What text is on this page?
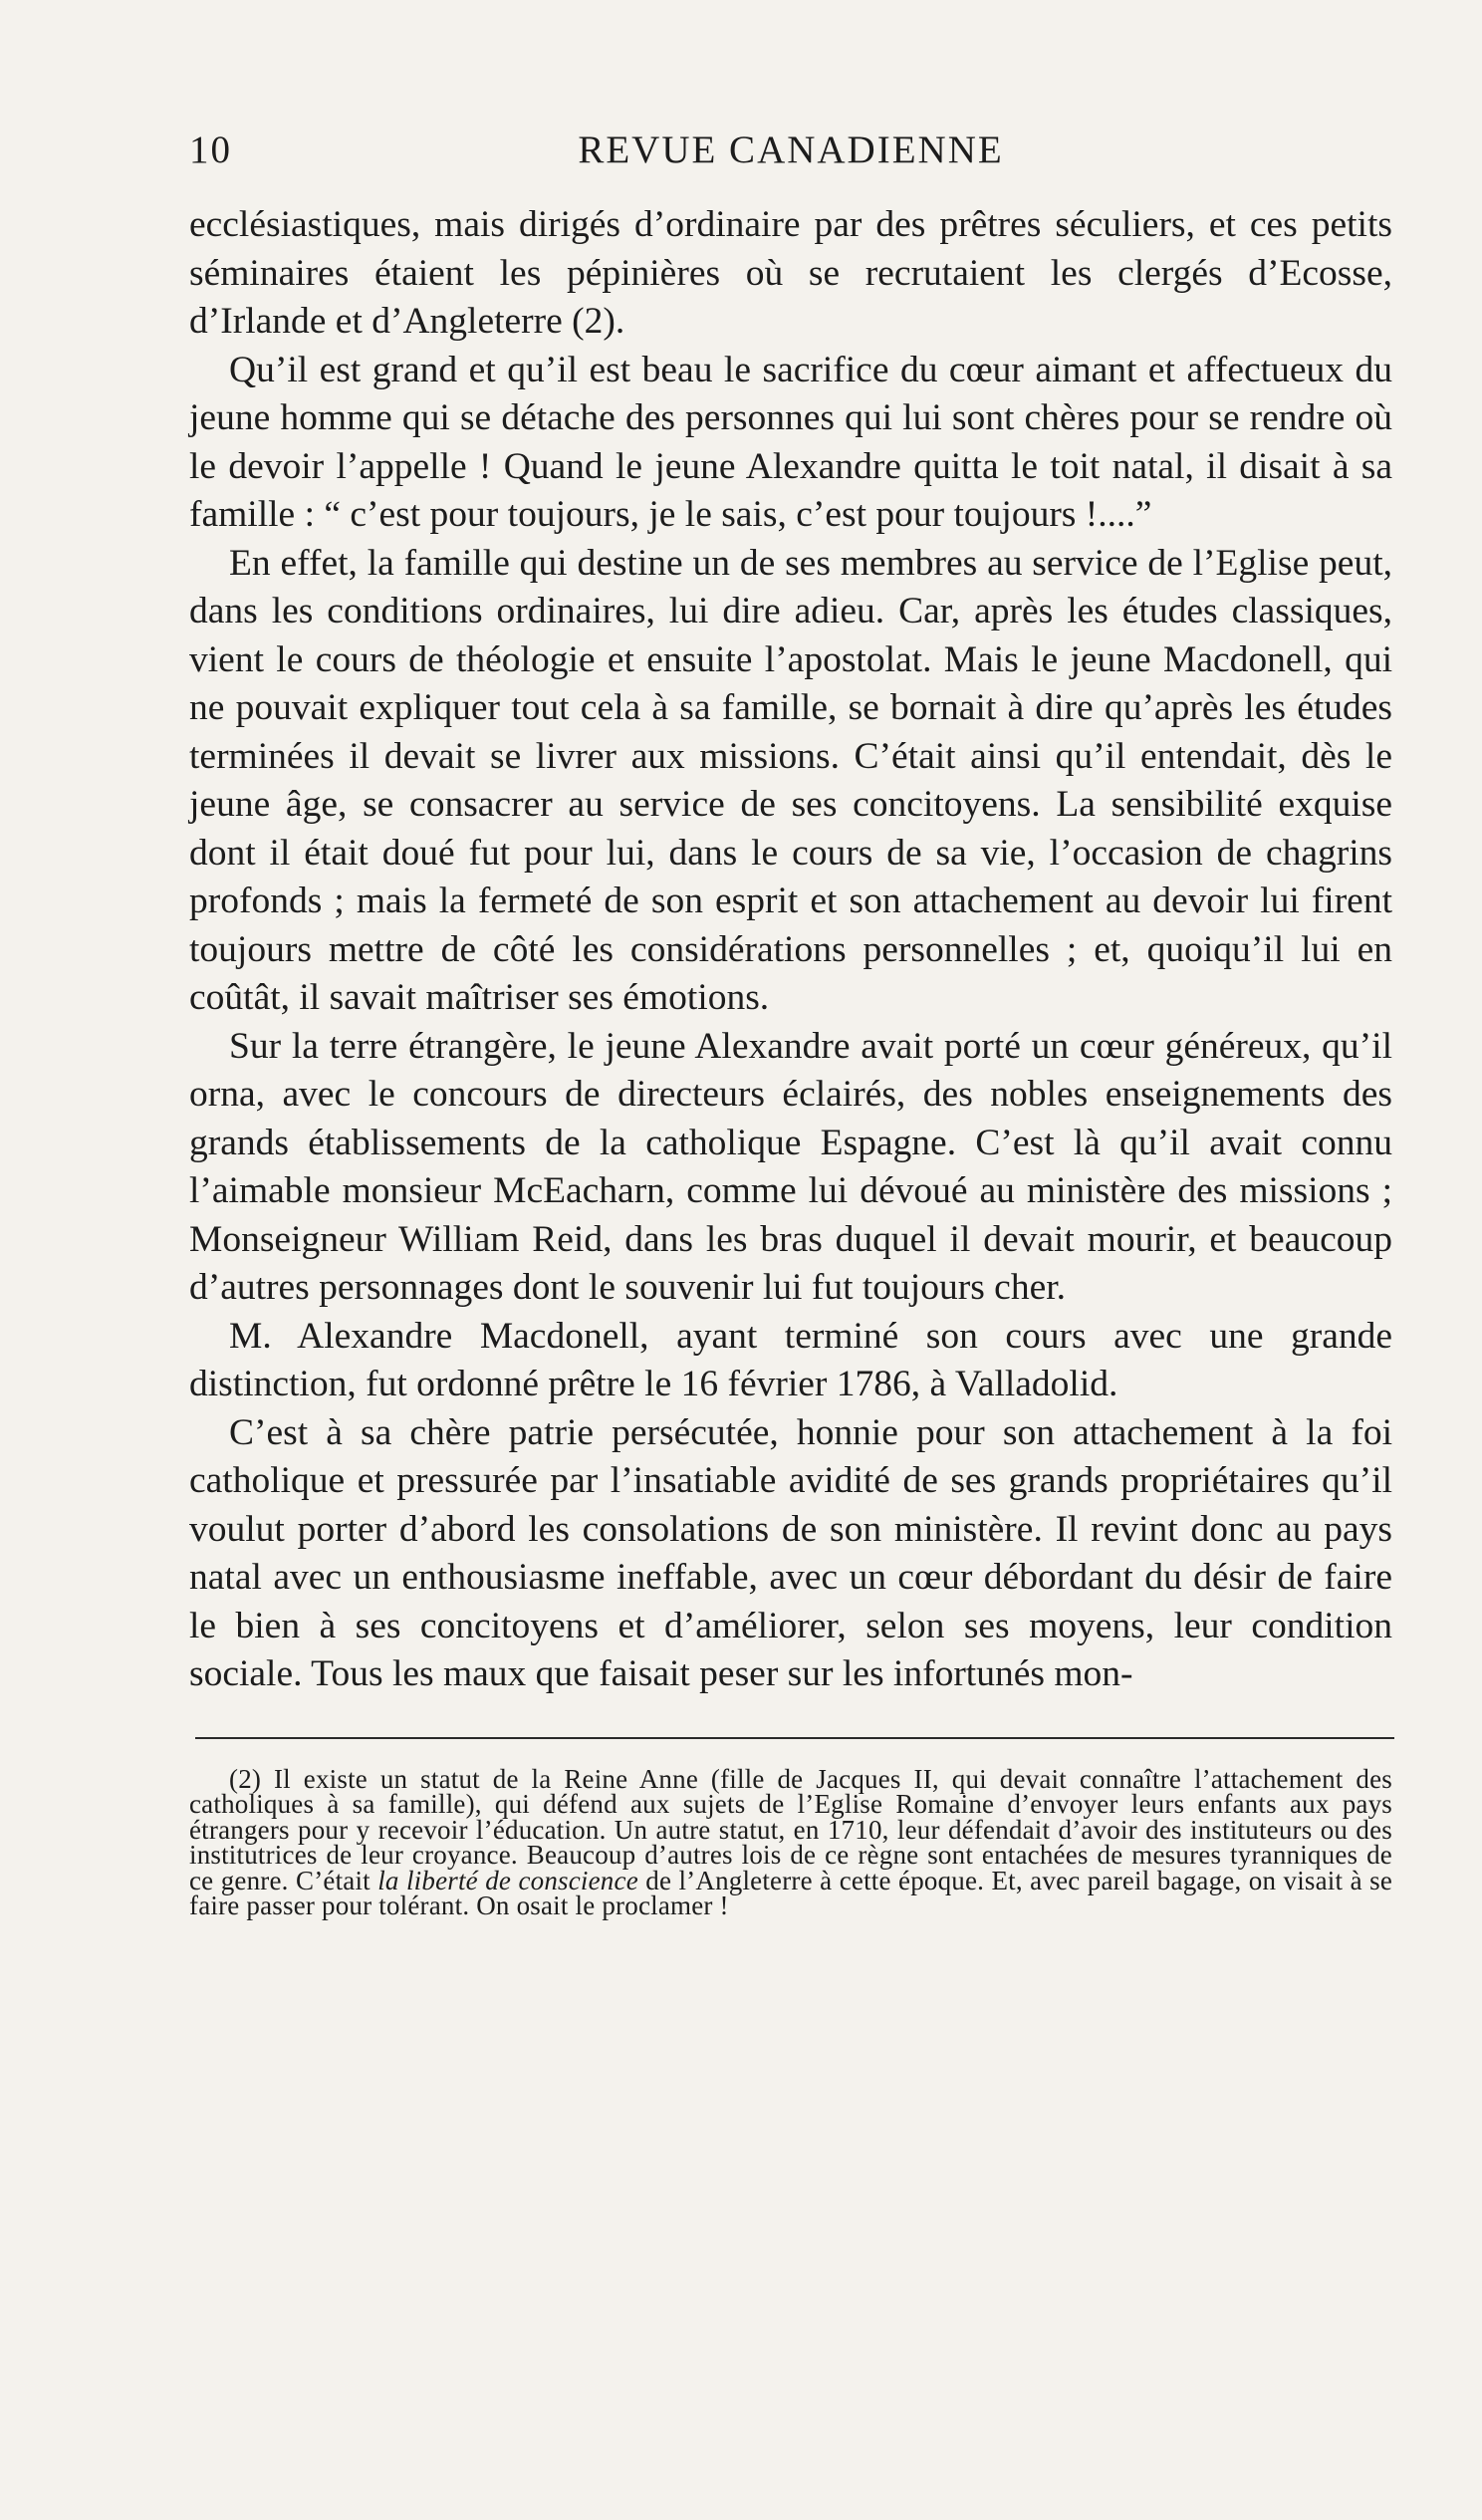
10	REVUE CANADIENNE

ecclésiastiques, mais dirigés d’ordinaire par des prêtres séculiers, et ces petits séminaires étaient les pépinières où se recrutaient les clergés d’Ecosse, d’Irlande et d’Angleterre (2).

Qu’il est grand et qu’il est beau le sacrifice du cœur aimant et affectueux du jeune homme qui se détache des personnes qui lui sont chères pour se rendre où le devoir l’appelle ! Quand le jeune Alexandre quitta le toit natal, il disait à sa famille : “ c’est pour toujours, je le sais, c’est pour toujours !....”

En effet, la famille qui destine un de ses membres au service de l’Eglise peut, dans les conditions ordinaires, lui dire adieu. Car, après les études classiques, vient le cours de théologie et ensuite l’apostolat. Mais le jeune Macdonell, qui ne pouvait expliquer tout cela à sa famille, se bornait à dire qu’après les études terminées il devait se livrer aux missions. C’était ainsi qu’il entendait, dès le jeune âge, se consacrer au service de ses concitoyens. La sensibilité exquise dont il était doué fut pour lui, dans le cours de sa vie, l’occasion de chagrins profonds ; mais la fermeté de son esprit et son attachement au devoir lui firent toujours mettre de côté les considérations personnelles ; et, quoiqu’il lui en coûtât, il savait maîtriser ses émotions.

Sur la terre étrangère, le jeune Alexandre avait porté un cœur généreux, qu’il orna, avec le concours de directeurs éclairés, des nobles enseignements des grands établissements de la catholique Espagne. C’est là qu’il avait connu l’aimable monsieur McEacharn, comme lui dévoué au ministère des missions ; Monseigneur William Reid, dans les bras duquel il devait mourir, et beaucoup d’autres personnages dont le souvenir lui fut toujours cher.

M. Alexandre Macdonell, ayant terminé son cours avec une grande distinction, fut ordonné prêtre le 16 février 1786, à Valladolid.

C’est à sa chère patrie persécutée, honnie pour son attachement à la foi catholique et pressurée par l’insatiable avidité de ses grands propriétaires qu’il voulut porter d’abord les consolations de son ministère. Il revint donc au pays natal avec un enthousiasme ineffable, avec un cœur débordant du désir de faire le bien à ses concitoyens et d’améliorer, selon ses moyens, leur condition sociale. Tous les maux que faisait peser sur les infortunés mon-

(2) Il existe un statut de la Reine Anne (fille de Jacques II, qui devait connaître l’attachement des catholiques à sa famille), qui défend aux sujets de l’Eglise Romaine d’envoyer leurs enfants aux pays étrangers pour y recevoir l’éducation. Un autre statut, en 1710, leur défendait d’avoir des instituteurs ou des institutrices de leur croyance. Beaucoup d’autres lois de ce règne sont entachées de mesures tyranniques de ce genre. C’était la liberté de conscience de l’Angleterre à cette époque. Et, avec pareil bagage, on visait à se faire passer pour tolérant. On osait le proclamer !
